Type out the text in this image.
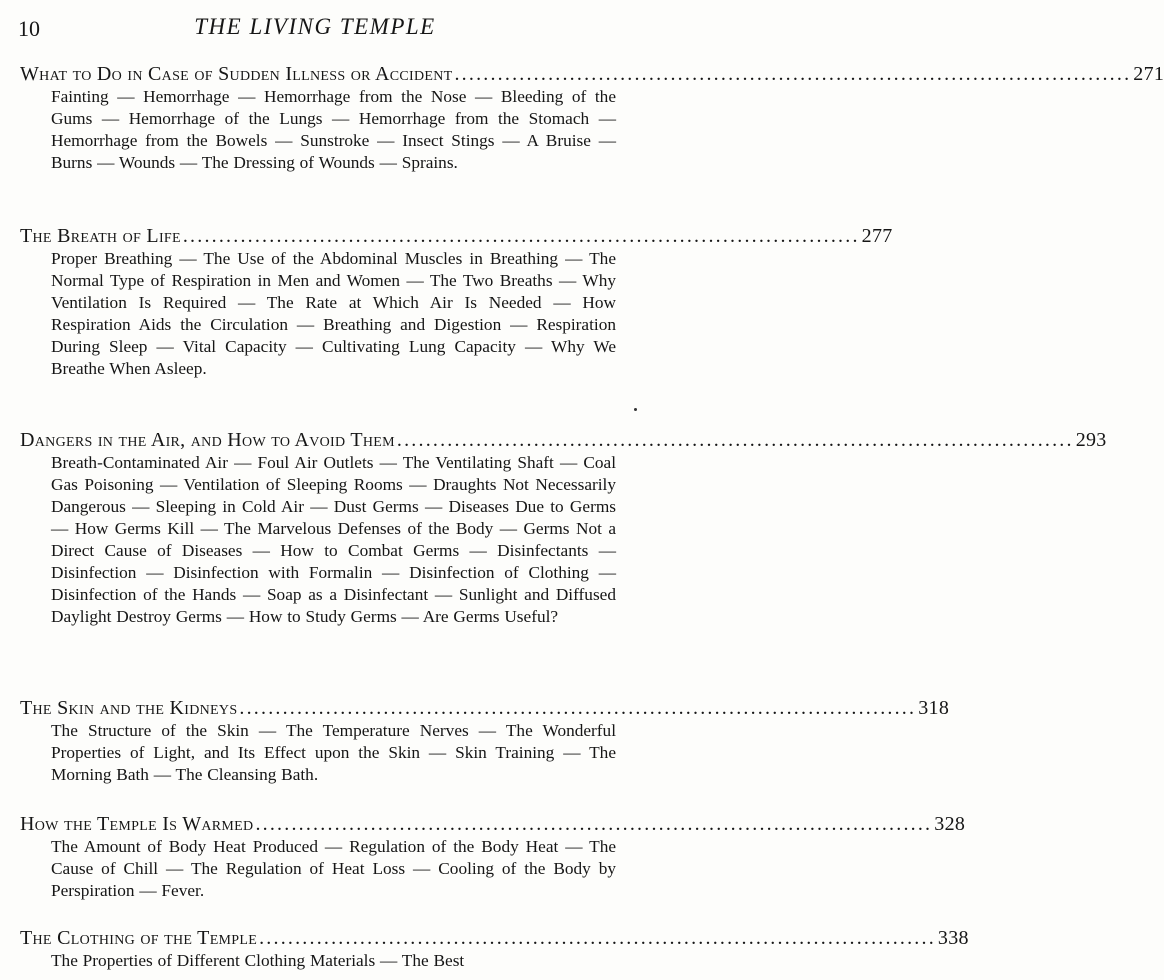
10	THE LIVING TEMPLE
What to Do in Case of Sudden Illness or Accident .............................................................................................. 271

Fainting — Hemorrhage — Hemorrhage from the Nose — Bleeding of the Gums — Hemorrhage of the Lungs — Hemorrhage from the Stomach — Hemorrhage from the Bowels — Sunstroke — Insect Stings — A Bruise — Burns — Wounds — The Dressing of Wounds — Sprains.

The Breath of Life .............................................................................................. 277

Proper Breathing — The Use of the Abdominal Muscles in Breathing — The Normal Type of Respiration in Men and Women — The Two Breaths — Why Ventilation Is Required — The Rate at Which Air Is Needed — How Respiration Aids the Circulation — Breathing and Digestion — Respiration During Sleep — Vital Capacity — Cultivating Lung Capacity — Why We Breathe When Asleep.

Dangers in the Air, and How to Avoid Them .............................................................................................. 293

Breath-Contaminated Air — Foul Air Outlets — The Ventilating Shaft — Coal Gas Poisoning — Ventilation of Sleeping Rooms — Draughts Not Necessarily Dangerous — Sleeping in Cold Air — Dust Germs — Diseases Due to Germs — How Germs Kill — The Marvelous Defenses of the Body — Germs Not a Direct Cause of Diseases — How to Combat Germs — Disinfectants — Disinfection — Disinfection with Formalin — Disinfection of Clothing — Disinfection of the Hands — Soap as a Disinfectant — Sunlight and Diffused Daylight Destroy Germs — How to Study Germs — Are Germs Useful?

The Skin and the Kidneys .............................................................................................. 318

The Structure of the Skin — The Temperature Nerves — The Wonderful Properties of Light, and Its Effect upon the Skin — Skin Training — The Morning Bath — The Cleansing Bath.

How the Temple Is Warmed .............................................................................................. 328

The Amount of Body Heat Produced — Regulation of the Body Heat — The Cause of Chill — The Regulation of Heat Loss — Cooling of the Body by Perspiration — Fever.

The Clothing of the Temple .............................................................................................. 338

The Properties of Different Clothing Materials — The Best
